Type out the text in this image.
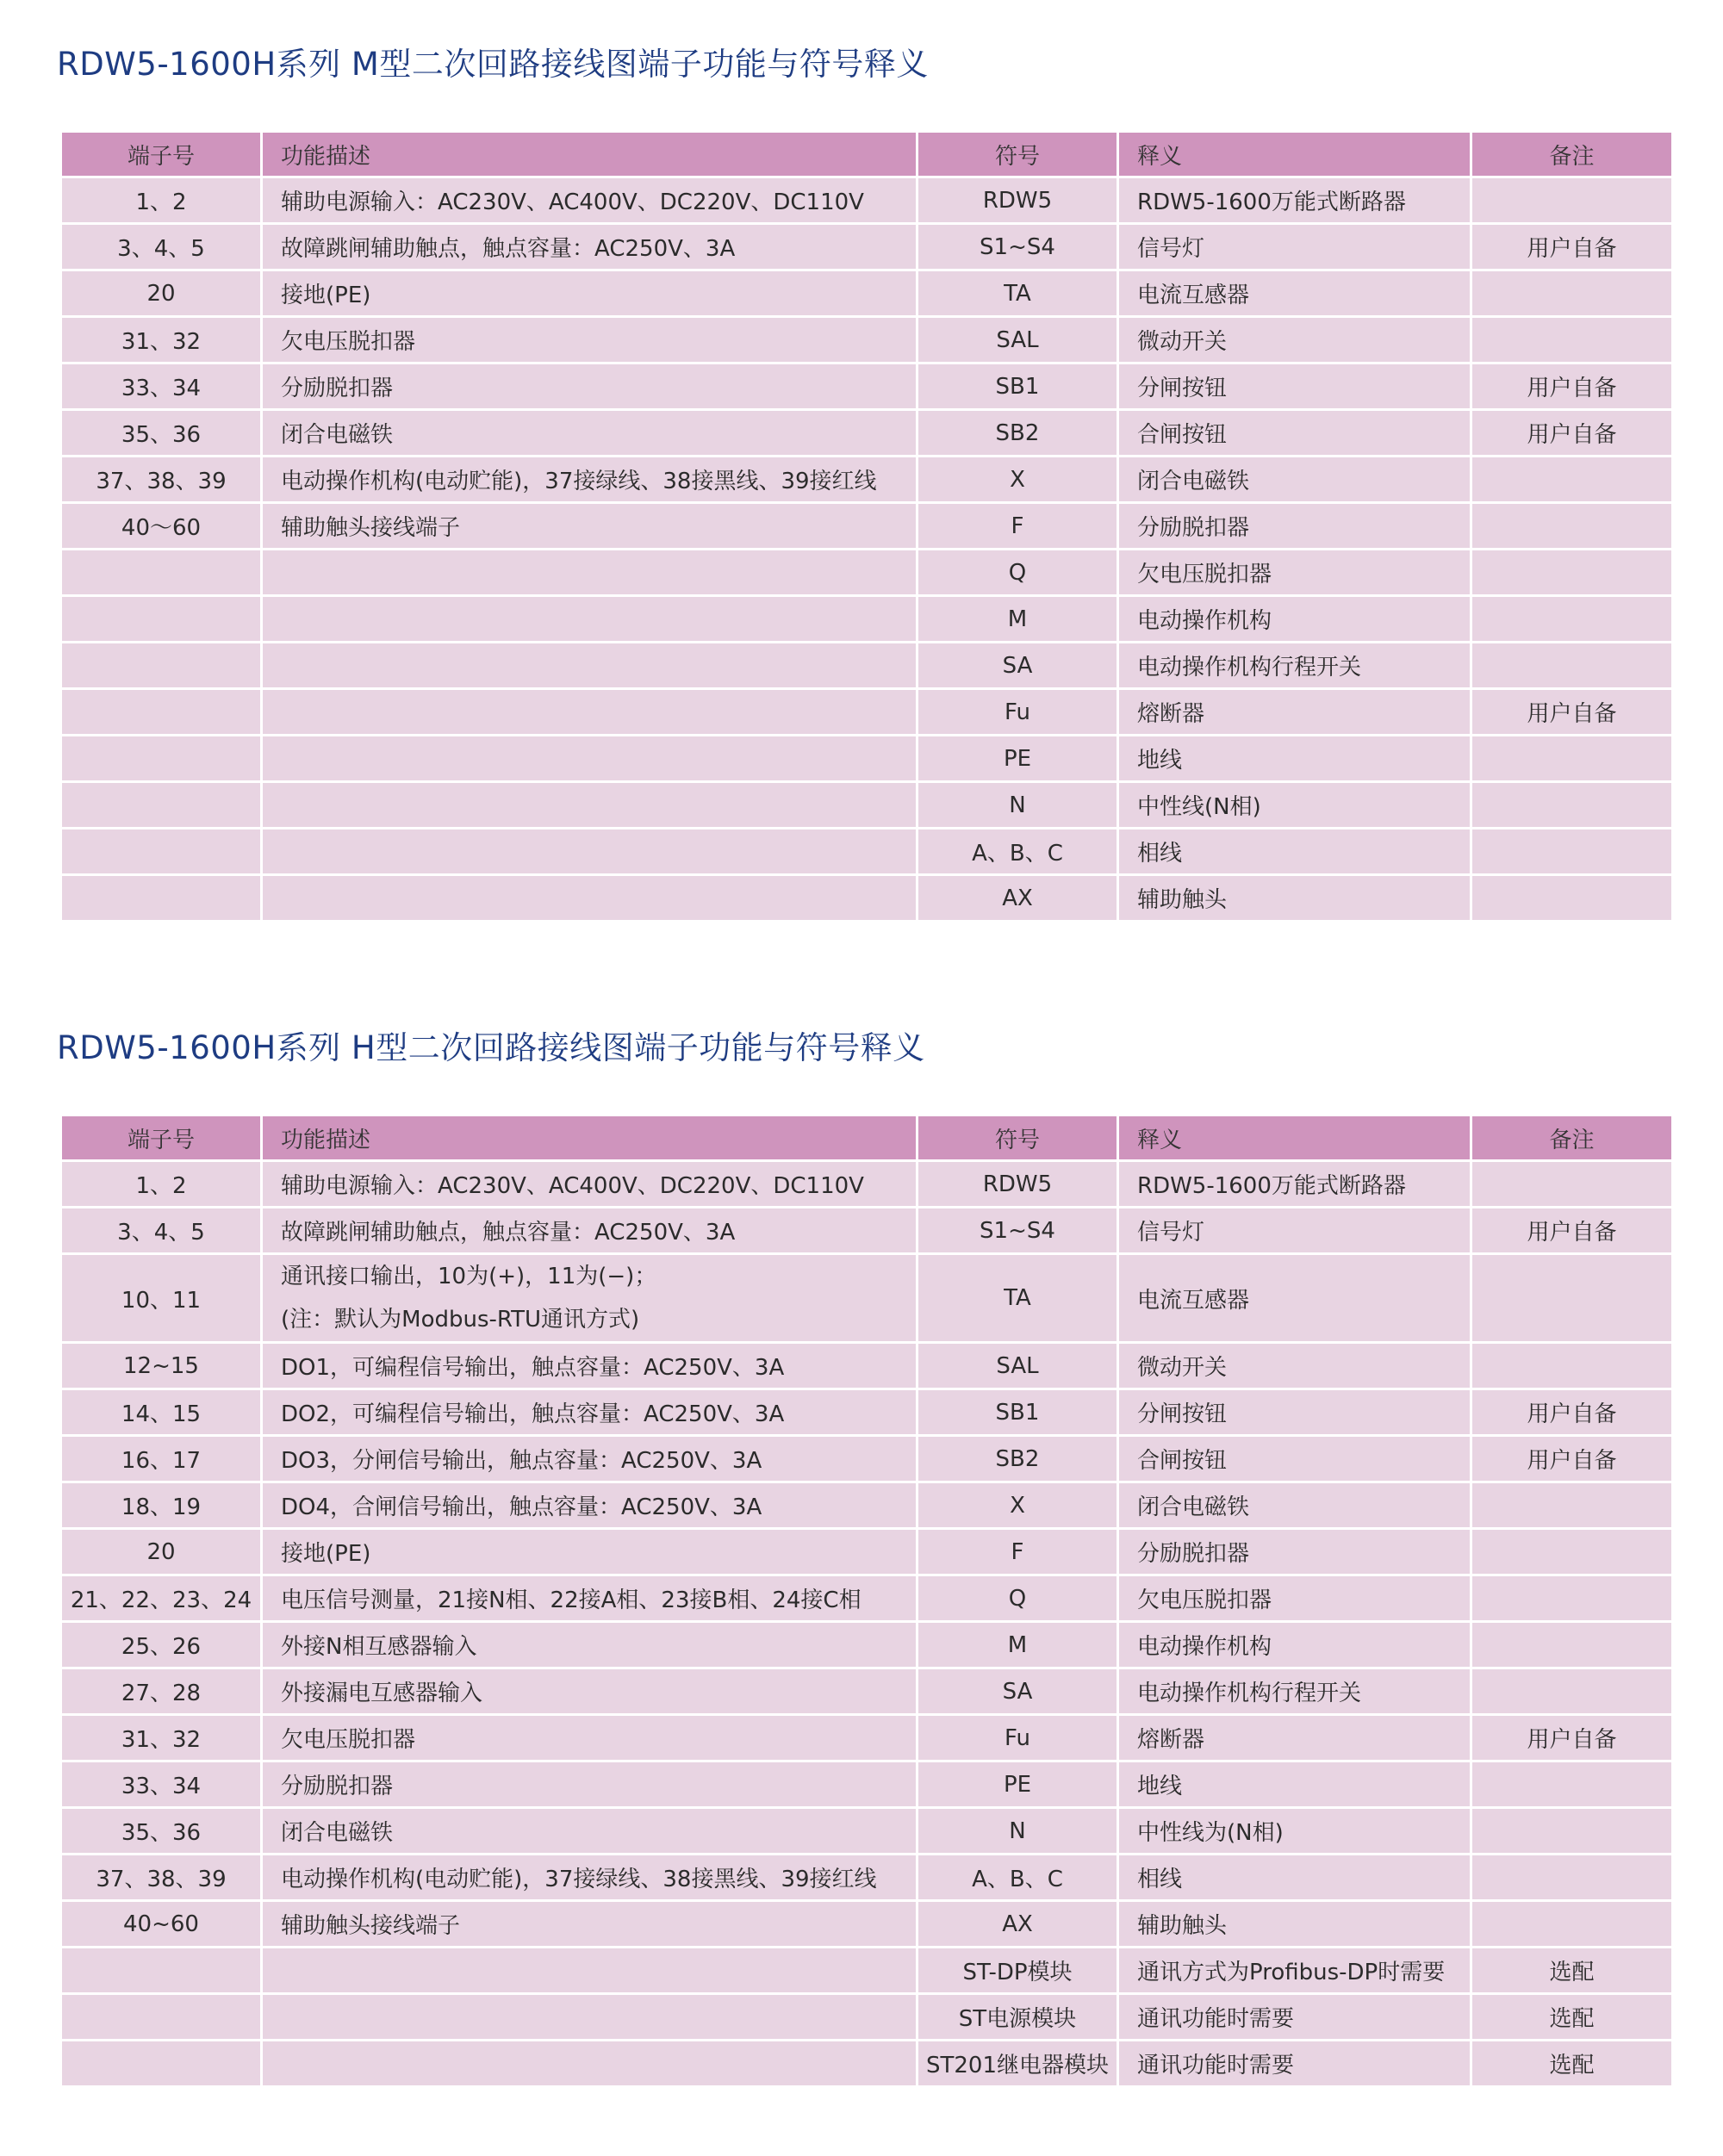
RDW5-1600H系列 M型二次回路接线图端子功能与符号释义
端子号	功能描述	符号	释义	备注
1、2	辅助电源输入：AC230V、AC400V、DC220V、DC110V	RDW5	RDW5-1600万能式断路器	
3、4、5	故障跳闸辅助触点，触点容量：AC250V、3A	S1~S4	信号灯	用户自备
20	接地(PE)	TA	电流互感器	
31、32	欠电压脱扣器	SAL	微动开关	
33、34	分励脱扣器	SB1	分闸按钮	用户自备
35、36	闭合电磁铁	SB2	合闸按钮	用户自备
37、38、39	电动操作机构(电动贮能)，37接绿线、38接黑线、39接红线	X	闭合电磁铁	
40～60	辅助触头接线端子	F	分励脱扣器	
		Q	欠电压脱扣器	
		M	电动操作机构	
		SA	电动操作机构行程开关	
		Fu	熔断器	用户自备
		PE	地线	
		N	中性线(N相)	
		A、B、C	相线	
		AX	辅助触头	
RDW5-1600H系列 H型二次回路接线图端子功能与符号释义
端子号	功能描述	符号	释义	备注
1、2	辅助电源输入：AC230V、AC400V、DC220V、DC110V	RDW5	RDW5-1600万能式断路器	
3、4、5	故障跳闸辅助触点，触点容量：AC250V、3A	S1~S4	信号灯	用户自备
10、11	通讯接口输出，10为(+)，11为(−)；
(注：默认为Modbus-RTU通讯方式)	TA	电流互感器	
12~15	DO1，可编程信号输出，触点容量：AC250V、3A	SAL	微动开关	
14、15	DO2，可编程信号输出，触点容量：AC250V、3A	SB1	分闸按钮	用户自备
16、17	DO3，分闸信号输出，触点容量：AC250V、3A	SB2	合闸按钮	用户自备
18、19	DO4，合闸信号输出，触点容量：AC250V、3A	X	闭合电磁铁	
20	接地(PE)	F	分励脱扣器	
21、22、23、24	电压信号测量，21接N相、22接A相、23接B相、24接C相	Q	欠电压脱扣器	
25、26	外接N相互感器输入	M	电动操作机构	
27、28	外接漏电互感器输入	SA	电动操作机构行程开关	
31、32	欠电压脱扣器	Fu	熔断器	用户自备
33、34	分励脱扣器	PE	地线	
35、36	闭合电磁铁	N	中性线为(N相)	
37、38、39	电动操作机构(电动贮能)，37接绿线、38接黑线、39接红线	A、B、C	相线	
40~60	辅助触头接线端子	AX	辅助触头	
		ST-DP模块	通讯方式为Profibus-DP时需要	选配
		ST电源模块	通讯功能时需要	选配
		ST201继电器模块	通讯功能时需要	选配
